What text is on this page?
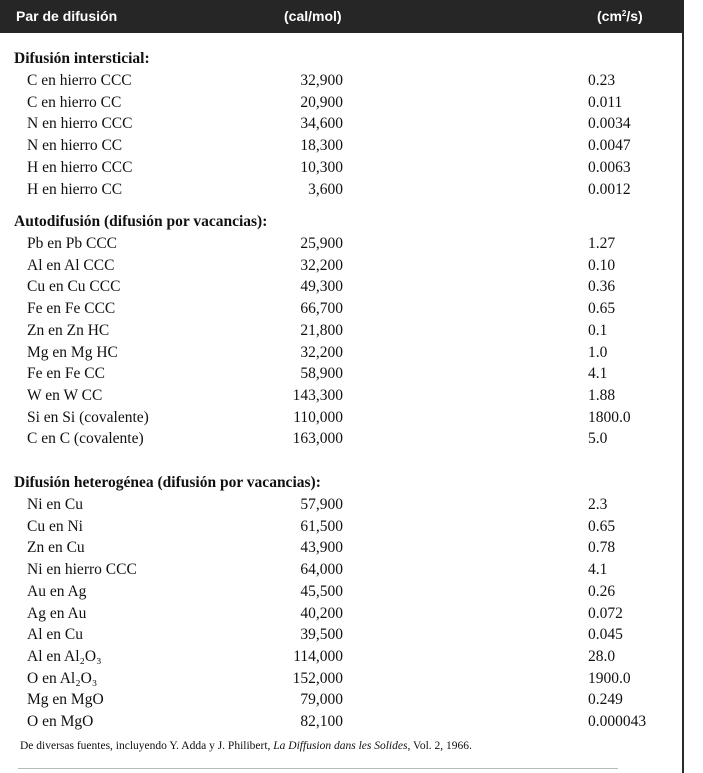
Par de difusión	(cal/mol)	$(cm^2/s)$
Difusión intersticial:
C en hierro CCC	32,900	0.23
C en hierro CC	20,900	0.011
N en hierro CCC	34,600	0.0034
N en hierro CC	18,300	0.0047
H en hierro CCC	10,300	0.0063
H en hierro CC	3,600	0.0012
Autodifusión (difusión por vacancias):
Pb en Pb CCC	25,900	1.27
Al en Al CCC	32,200	0.10
Cu en Cu CCC	49,300	0.36
Fe en Fe CCC	66,700	0.65
Zn en Zn HC	21,800	0.1
Mg en Mg HC	32,200	1.0
Fe en Fe CC	58,900	4.1
W en W CC	143,300	1.88
Si en Si (covalente)	110,000	1800.0
C en C (covalente)	163,000	5.0
Difusión heterogénea (difusión por vacancias):
Ni en Cu	57,900	2.3
Cu en Ni	61,500	0.65
Zn en Cu	43,900	0.78
Ni en hierro CCC	64,000	4.1
Au en Ag	45,500	0.26
Ag en Au	40,200	0.072
Al en Cu	39,500	0.045
Al en Al₂O₃	114,000	28.0
O en Al₂O₃	152,000	1900.0
Mg en MgO	79,000	0.249
O en MgO	82,100	0.000043
De diversas fuentes, incluyendo Y. Adda y J. Philibert, La Diffusion dans les Solides, Vol. 2, 1966.
